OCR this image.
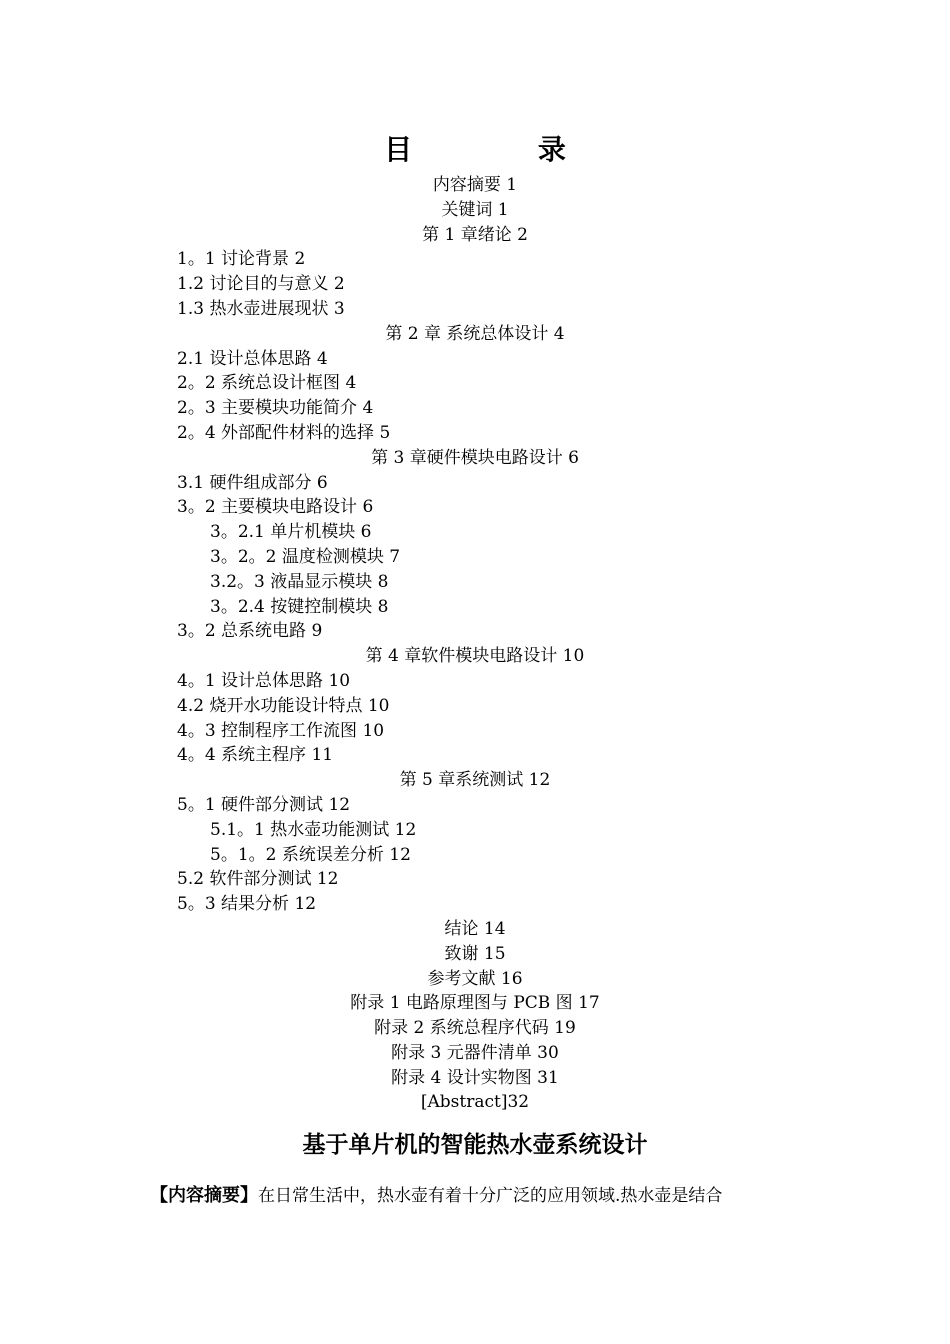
目 录
内容摘要 1
关键词 1
第 1 章绪论 2
1。1 讨论背景 2
1.2 讨论目的与意义 2
1.3 热水壶进展现状 3
第 2 章 系统总体设计 4
2.1 设计总体思路 4
2。2 系统总设计框图 4
2。3 主要模块功能简介 4
2。4 外部配件材料的选择 5
第 3 章硬件模块电路设计 6
3.1 硬件组成部分 6
3。2 主要模块电路设计 6
3。2.1 单片机模块 6
3。2。2 温度检测模块 7
3.2。3 液晶显示模块 8
3。2.4 按键控制模块 8
3。2 总系统电路 9
第 4 章软件模块电路设计 10
4。1 设计总体思路 10
4.2 烧开水功能设计特点 10
4。3 控制程序工作流图 10
4。4 系统主程序 11
第 5 章系统测试 12
5。1 硬件部分测试 12
5.1。1 热水壶功能测试 12
5。1。2 系统误差分析 12
5.2 软件部分测试 12
5。3 结果分析 12
结论 14
致谢 15
参考文献 16
附录 1 电路原理图与 PCB 图 17
附录 2 系统总程序代码 19
附录 3 元器件清单 30
附录 4 设计实物图 31
[Abstract]32
基于单片机的智能热水壶系统设计
【内容摘要】在日常生活中，热水壶有着十分广泛的应用领域.热水壶是结合
